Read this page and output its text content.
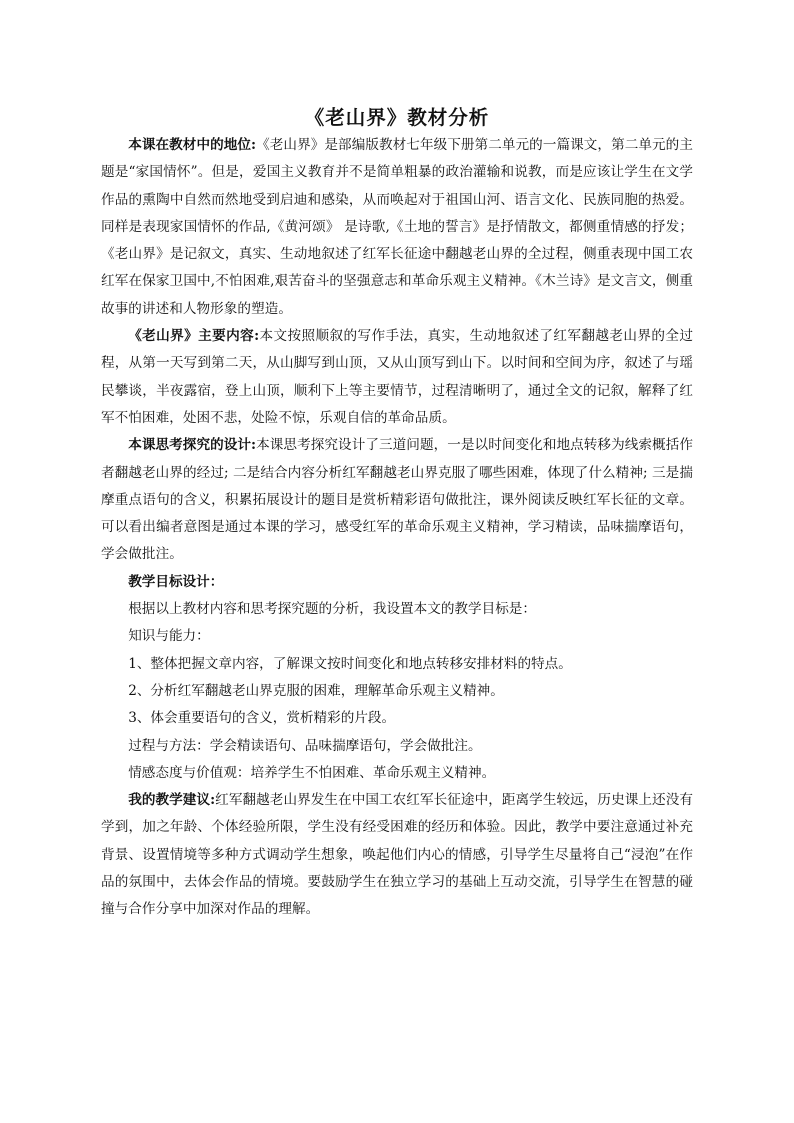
《老山界》教材分析

本课在教材中的地位:《老山界》是部编版教材七年级下册第二单元的一篇课文，第二单元的主题是“家国情怀”。但是，爱国主义教育并不是简单粗暴的政治灌输和说教，而是应该让学生在文学作品的熏陶中自然而然地受到启迪和感染，从而唤起对于祖国山河、语言文化、民族同胞的热爱。同样是表现家国情怀的作品,《黄河颂》 是诗歌,《土地的誓言》是抒情散文，都侧重情感的抒发；《老山界》是记叙文，真实、生动地叙述了红军长征途中翻越老山界的全过程，侧重表现中国工农红军在保家卫国中,不怕困难,艰苦奋斗的坚强意志和革命乐观主义精神。《木兰诗》是文言文，侧重故事的讲述和人物形象的塑造。

《老山界》主要内容:本文按照顺叙的写作手法，真实，生动地叙述了红军翻越老山界的全过程，从第一天写到第二天，从山脚写到山顶，又从山顶写到山下。以时间和空间为序，叙述了与瑶民攀谈，半夜露宿，登上山顶，顺利下上等主要情节，过程清晰明了，通过全文的记叙，解释了红军不怕困难，处困不悲，处险不惊，乐观自信的革命品质。

本课思考探究的设计:本课思考探究设计了三道问题，一是以时间变化和地点转移为线索概括作者翻越老山界的经过; 二是结合内容分析红军翻越老山界克服了哪些困难，体现了什么精神; 三是揣摩重点语句的含义，积累拓展设计的题目是赏析精彩语句做批注，课外阅读反映红军长征的文章。可以看出编者意图是通过本课的学习，感受红军的革命乐观主义精神，学习精读，品味揣摩语句，学会做批注。

教学目标设计：

根据以上教材内容和思考探究题的分析，我设置本文的教学目标是：

知识与能力：

1、整体把握文章内容，了解课文按时间变化和地点转移安排材料的特点。

2、分析红军翻越老山界克服的困难，理解革命乐观主义精神。

3、体会重要语句的含义，赏析精彩的片段。

过程与方法：学会精读语句、品味揣摩语句，学会做批注。

情感态度与价值观：培养学生不怕困难、革命乐观主义精神。

我的教学建议:红军翻越老山界发生在中国工农红军长征途中，距离学生较远，历史课上还没有学到，加之年龄、个体经验所限，学生没有经受困难的经历和体验。因此，教学中要注意通过补充背景、设置情境等多种方式调动学生想象，唤起他们内心的情感，引导学生尽量将自己“浸泡”在作品的氛围中，去体会作品的情境。要鼓励学生在独立学习的基础上互动交流，引导学生在智慧的碰撞与合作分享中加深对作品的理解。
